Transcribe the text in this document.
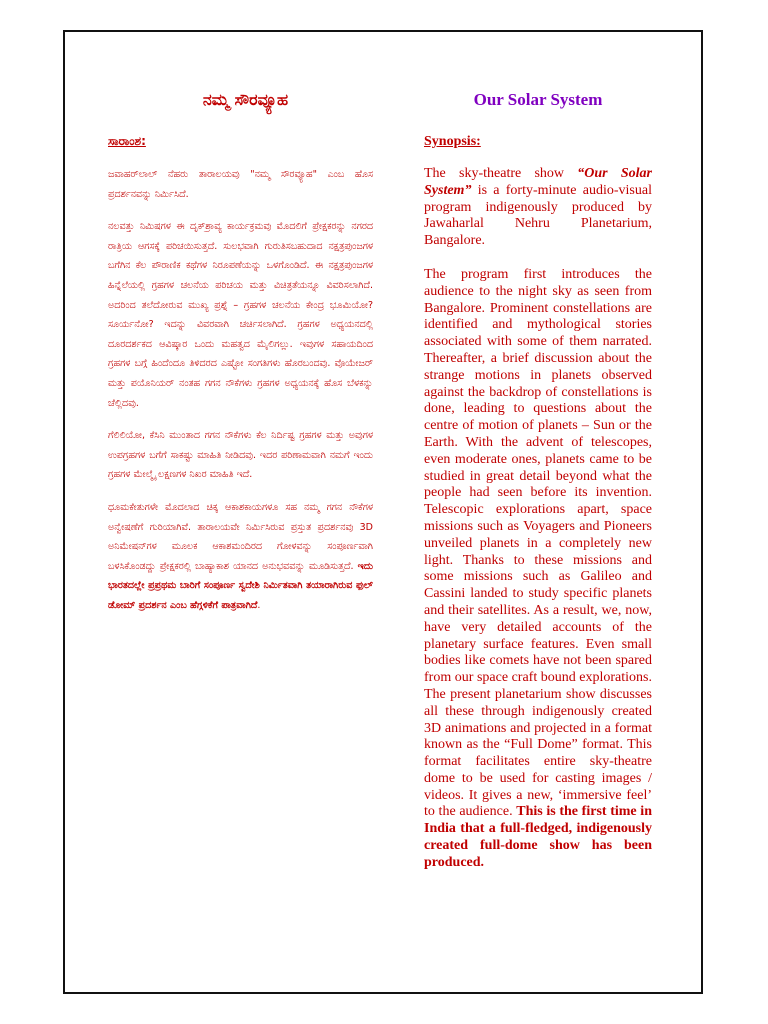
ನಮ್ಮ ಸೌರವ್ಯೂಹ
ಸಾರಾಂಶ:

ಜವಾಹರ್‌ಲಾಲ್ ನೆಹರು ತಾರಾಲಯವು "ನಮ್ಮ ಸೌರವ್ಯೂಹ" ಎಂಬ ಹೊಸ ಪ್ರದರ್ಶನವನ್ನು ನಿರ್ಮಿಸಿದೆ.

ನಲವತ್ತು ನಿಮಿಷಗಳ ಈ ದೃಕ್‌ಶ್ರಾವ್ಯ ಕಾರ್ಯಕ್ರಮವು ಮೊದಲಿಗೆ ಪ್ರೇಕ್ಷಕರನ್ನು ನಗರದ ರಾತ್ರಿಯ ಆಗಸಕ್ಕೆ ಪರಿಚಯಿಸುತ್ತದೆ. ಸುಲಭವಾಗಿ ಗುರುತಿಸಬಹುದಾದ ನಕ್ಷತ್ರಪುಂಜಗಳ ಬಗೆಗಿನ ಕೆಲ ಪೌರಾಣಿಕ ಕಥೆಗಳ ನಿರೂಪಣೆಯನ್ನು ಒಳಗೊಂಡಿದೆ. ಈ ನಕ್ಷತ್ರಪುಂಜಗಳ ಹಿನ್ನೆಲೆಯಲ್ಲಿ ಗ್ರಹಗಳ ಚಲನೆಯ ಪರಿಚಯ ಮತ್ತು ವಿಚಿತ್ರತೆಯನ್ನೂ ವಿವರಿಸಲಾಗಿದೆ. ಅದರಿಂದ ತಲೆದೋರುವ ಮುಖ್ಯ ಪ್ರಶ್ನೆ – ಗ್ರಹಗಳ ಚಲನೆಯ ಕೇಂದ್ರ ಭೂಮಿಯೋ? ಸೂರ್ಯನೋ? ಇದನ್ನು ವಿವರವಾಗಿ ಚರ್ಚಿಸಲಾಗಿದೆ. ಗ್ರಹಗಳ ಅಧ್ಯಯನದಲ್ಲಿ ದೂರದರ್ಶಕದ ಆವಿಷ್ಕಾರ ಒಂದು ಮಹತ್ವದ ಮೈಲಿಗಲ್ಲು. ಇವುಗಳ ಸಹಾಯದಿಂದ ಗ್ರಹಗಳ ಬಗ್ಗೆ ಹಿಂದೆಂದೂ ತಿಳಿದರದ ಎಷ್ಟೋ ಸಂಗತಿಗಳು ಹೊರಬಂದವು. ವೊಯೇಜರ್ ಮತ್ತು ಪಯೊನಿಯರ್ ನಂತಹ ಗಗನ ನೌಕೆಗಳು ಗ್ರಹಗಳ ಅಧ್ಯಯನಕ್ಕೆ ಹೊಸ ಬೆಳಕನ್ನು ಚೆಲ್ಲಿದವು.

ಗೆಲಿಲಿಯೋ, ಕೆಸಿನಿ ಮುಂತಾದ ಗಗನ ನೌಕೆಗಳು ಕೆಲ ನಿರ್ದಿಷ್ಟ ಗ್ರಹಗಳ ಮತ್ತು ಅವುಗಳ ಉಪಗ್ರಹಗಳ ಬಗೆಗೆ ಸಾಕಷ್ಟು ಮಾಹಿತಿ ನೀಡಿದವು. ಇದರ ಪರಿಣಾಮವಾಗಿ ನಮಗೆ ಇಂದು ಗ್ರಹಗಳ ಮೇಲ್ಮೈ ಲಕ್ಷಣಗಳ ನಿಖರ ಮಾಹಿತಿ ಇದೆ.

ಧೂಮಕೇತುಗಳೇ ಮೊದಲಾದ ಚಿಕ್ಕ ಆಕಾಶಕಾಯಗಳೂ ಸಹ ನಮ್ಮ ಗಗನ ನೌಕೆಗಳ ಅನ್ವೇಷಣೆಗೆ ಗುರಿಯಾಗಿವೆ. ತಾರಾಲಯವೇ ನಿರ್ಮಿಸಿರುವ ಪ್ರಸ್ತುತ ಪ್ರದರ್ಶನವು 3D ಅನಿಮೇಷನ್‌ಗಳ ಮೂಲಕ ಆಕಾಶಮಂದಿರದ ಗೋಳವನ್ನು ಸಂಪೂರ್ಣವಾಗಿ ಬಳಸಿಕೊಂಡದ್ದು ಪ್ರೇಕ್ಷಕರಲ್ಲಿ ಬಾಹ್ಯಾಕಾಶ ಯಾನದ ಅನುಭವವನ್ನು ಮೂಡಿಸುತ್ತದೆ. ಇದು ಭಾರತದಲ್ಲೇ ಪ್ರಪ್ರಥಮ ಬಾರಿಗೆ ಸಂಪೂರ್ಣ ಸ್ವದೇಶಿ ನಿರ್ಮಿತವಾಗಿ ತಯಾರಾಗಿರುವ ಫುಲ್ ಡೋಮ್ ಪ್ರದರ್ಶನ ಎಂಬ ಹೆಗ್ಗಳಿಕೆಗೆ ಪಾತ್ರವಾಗಿದೆ.

Our Solar System
Synopsis:

The sky-theatre show “Our Solar System” is a forty-minute audio-visual program indigenously produced by Jawaharlal Nehru Planetarium, Bangalore.

The program first introduces the audience to the night sky as seen from Bangalore. Prominent constellations are identified and mythological stories associated with some of them narrated. Thereafter, a brief discussion about the strange motions in planets observed against the backdrop of constellations is done, leading to questions about the centre of motion of planets – Sun or the Earth. With the advent of telescopes, even moderate ones, planets came to be studied in great detail beyond what the people had seen before its invention. Telescopic explorations apart, space missions such as Voyagers and Pioneers unveiled planets in a completely new light. Thanks to these missions and some missions such as Galileo and Cassini landed to study specific planets and their satellites. As a result, we, now, have very detailed accounts of the planetary surface features. Even small bodies like comets have not been spared from our space craft bound explorations. The present planetarium show discusses all these through indigenously created 3D animations and projected in a format known as the “Full Dome” format. This format facilitates entire sky-theatre dome to be used for casting images / videos. It gives a new, ‘immersive feel’ to the audience. This is the first time in India that a full-fledged, indigenously created full-dome show has been produced.
